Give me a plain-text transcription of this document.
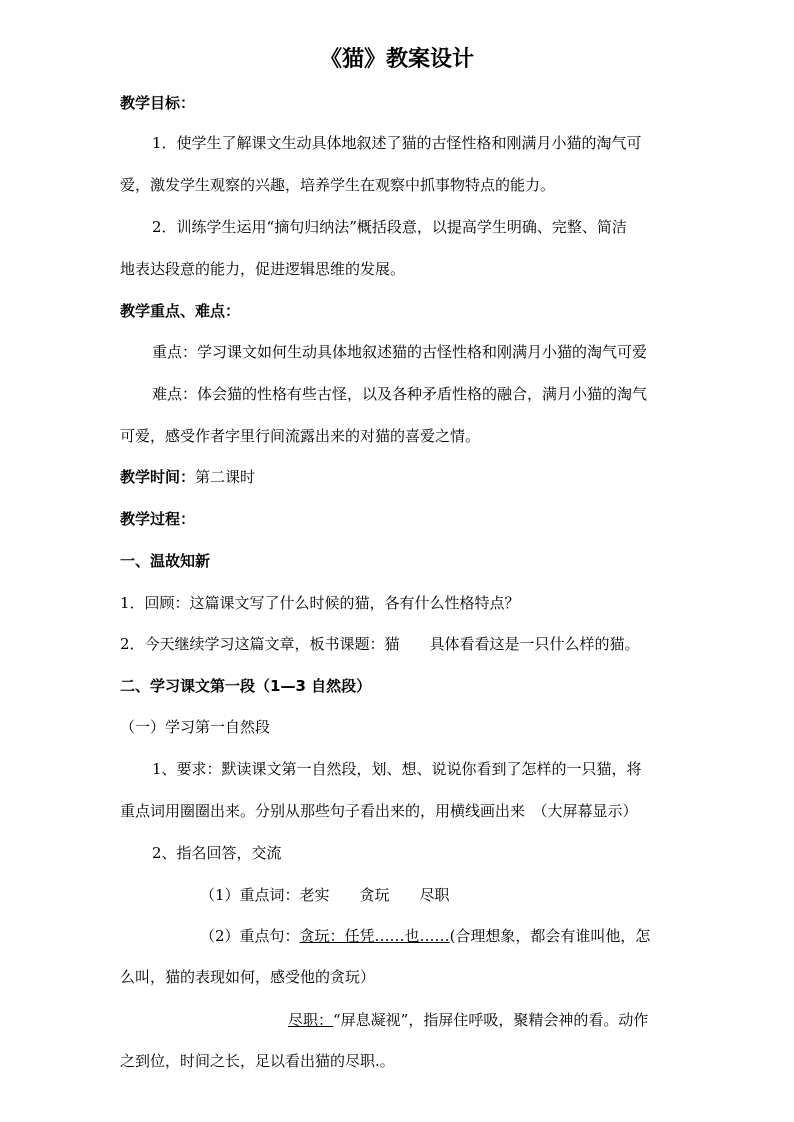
《猫》教案设计
教学目标：
1．使学生了解课文生动具体地叙述了猫的古怪性格和刚满月小猫的淘气可
爱，激发学生观察的兴趣，培养学生在观察中抓事物特点的能力。
2．训练学生运用“摘句归纳法”概括段意，以提高学生明确、完整、简洁
地表达段意的能力，促进逻辑思维的发展。
教学重点、难点：
重点：学习课文如何生动具体地叙述猫的古怪性格和刚满月小猫的淘气可爱
难点：体会猫的性格有些古怪，以及各种矛盾性格的融合，满月小猫的淘气
可爱，感受作者字里行间流露出来的对猫的喜爱之情。
教学时间：第二课时
教学过程：
一、温故知新
1．回顾：这篇课文写了什么时候的猫，各有什么性格特点？
2．今天继续学习这篇文章，板书课题：猫　　具体看看这是一只什么样的猫。
二、学习课文第一段（1—3 自然段）
（一）学习第一自然段
1、要求：默读课文第一自然段，划、想、说说你看到了怎样的一只猫，将
重点词用圈圈出来。分别从那些句子看出来的，用横线画出来　（大屏幕显示）
2、指名回答，交流
（1）重点词：老实　　贪玩　　尽职
（2）重点句：贪玩：任凭……也……(合理想象，都会有谁叫他，怎
么叫，猫的表现如何，感受他的贪玩）
尽职：“屏息凝视”，指屏住呼吸，聚精会神的看。动作
之到位，时间之长，足以看出猫的尽职.。
